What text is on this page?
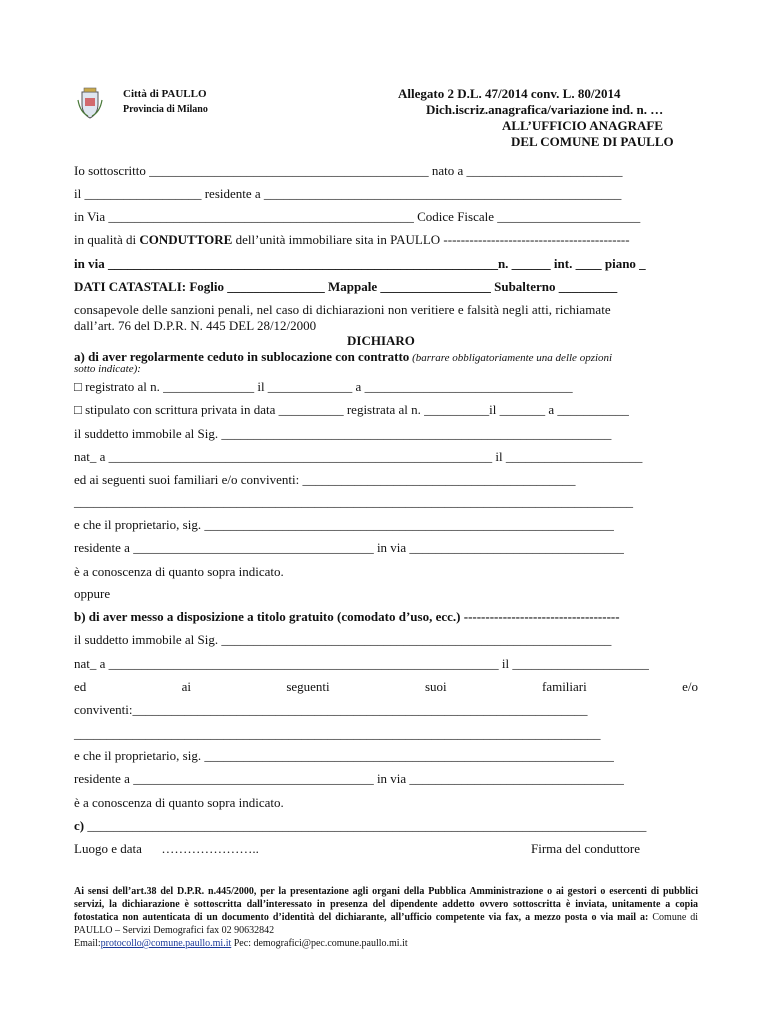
Città di PAULLO
Provincia di Milano
Allegato 2 D.L. 47/2014 conv. L. 80/2014
Dich.iscriz.anagrafica/variazione ind. n. …
ALL’UFFICIO ANAGRAFE
DEL COMUNE DI PAULLO
Io sottoscritto ___________________________________________ nato a ________________________
il __________________ residente a _______________________________________________________
in Via _______________________________________________ Codice Fiscale ______________________
in qualità di CONDUTTORE dell’unità immobiliare sita in PAULLO -------------------------------------------
in via ____________________________________________________________n. ______ int. ____ piano _
DATI CATASTALI: Foglio _______________ Mappale _________________ Subalterno _________
consapevole delle sanzioni penali, nel caso di dichiarazioni non veritiere e falsità negli atti, richiamate
dall’art. 76 del D.P.R. N. 445 DEL 28/12/2000
DICHIARO
a) di aver regolarmente ceduto in sublocazione con contratto (barrare obbligatoriamente una delle opzioni
sotto indicate):
□ registrato al n. ______________ il _____________ a ________________________________
□ stipulato con scrittura privata in data __________ registrata al n. __________il _______ a ___________
il suddetto immobile al Sig. ____________________________________________________________
nat_ a ___________________________________________________________ il _____________________
ed ai seguenti suoi familiari e/o conviventi: __________________________________________
______________________________________________________________________________________
e che il proprietario, sig. _______________________________________________________________
residente a _____________________________________ in via _________________________________
è a conoscenza di quanto sopra indicato.
oppure
b) di aver messo a disposizione a titolo gratuito (comodato d’uso, ecc.) ------------------------------------
il suddetto immobile al Sig. ____________________________________________________________
nat_ a ____________________________________________________________ il _____________________
ed	ai	seguenti	suoi	familiari	e/o
conviventi:______________________________________________________________________
_________________________________________________________________________________
e che il proprietario, sig. _______________________________________________________________
residente a _____________________________________ in via _________________________________
è a conoscenza di quanto sopra indicato.
c) ______________________________________________________________________________________
Luogo e data …………………..	Firma del conduttore
Ai sensi dell’art.38 del D.P.R. n.445/2000, per la presentazione agli organi della Pubblica Amministrazione o ai gestori o esercenti di pubblici servizi, la dichiarazione è sottoscritta dall’interessato in presenza del dipendente addetto ovvero sottoscritta è inviata, unitamente a copia fotostatica non autenticata di un documento d’identità del dichiarante, all’ufficio competente via fax, a mezzo posta o via mail a: Comune di PAULLO – Servizi Demografici fax 02 90632842
Email:protocollo@comune.paullo.mi.it Pec: demografici@pec.comune.paullo.mi.it
